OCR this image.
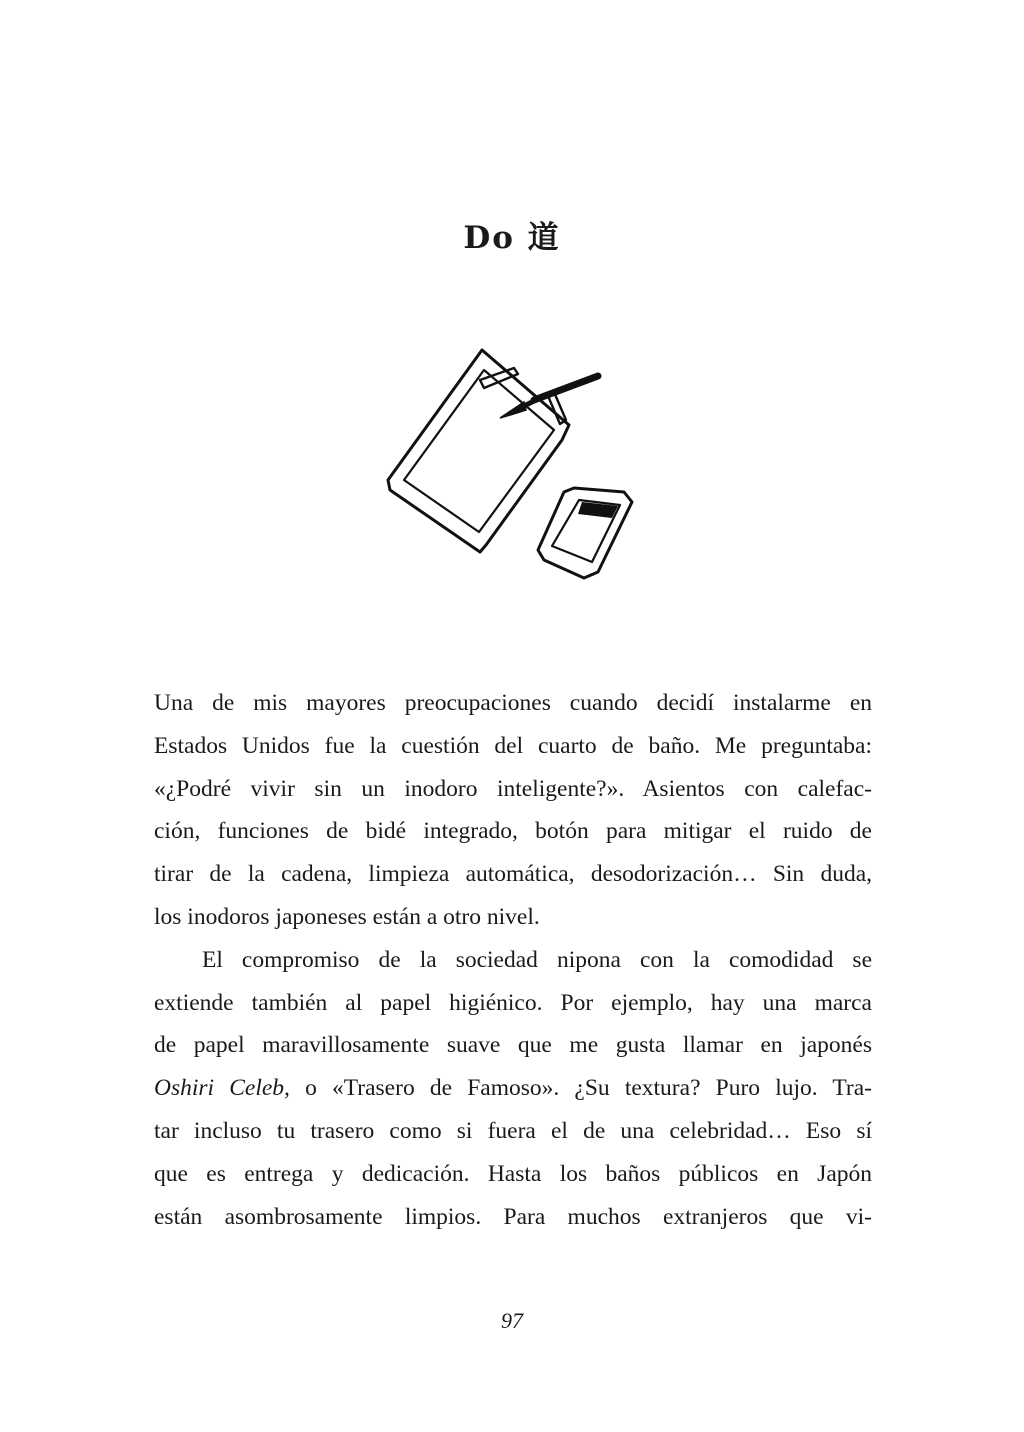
Do 道

Una de mis mayores preocupaciones cuando decidí instalarme en
Estados Unidos fue la cuestión del cuarto de baño. Me preguntaba:
«¿Podré vivir sin un inodoro inteligente?». Asientos con calefac-
ción, funciones de bidé integrado, botón para mitigar el ruido de
tirar de la cadena, limpieza automática, desodorización… Sin duda,
los inodoros japoneses están a otro nivel.

El compromiso de la sociedad nipona con la comodidad se
extiende también al papel higiénico. Por ejemplo, hay una marca
de papel maravillosamente suave que me gusta llamar en japonés
Oshiri Celeb, o «Trasero de Famoso». ¿Su textura? Puro lujo. Tra-
tar incluso tu trasero como si fuera el de una celebridad… Eso sí
que es entrega y dedicación. Hasta los baños públicos en Japón
están asombrosamente limpios. Para muchos extranjeros que vi-

97
